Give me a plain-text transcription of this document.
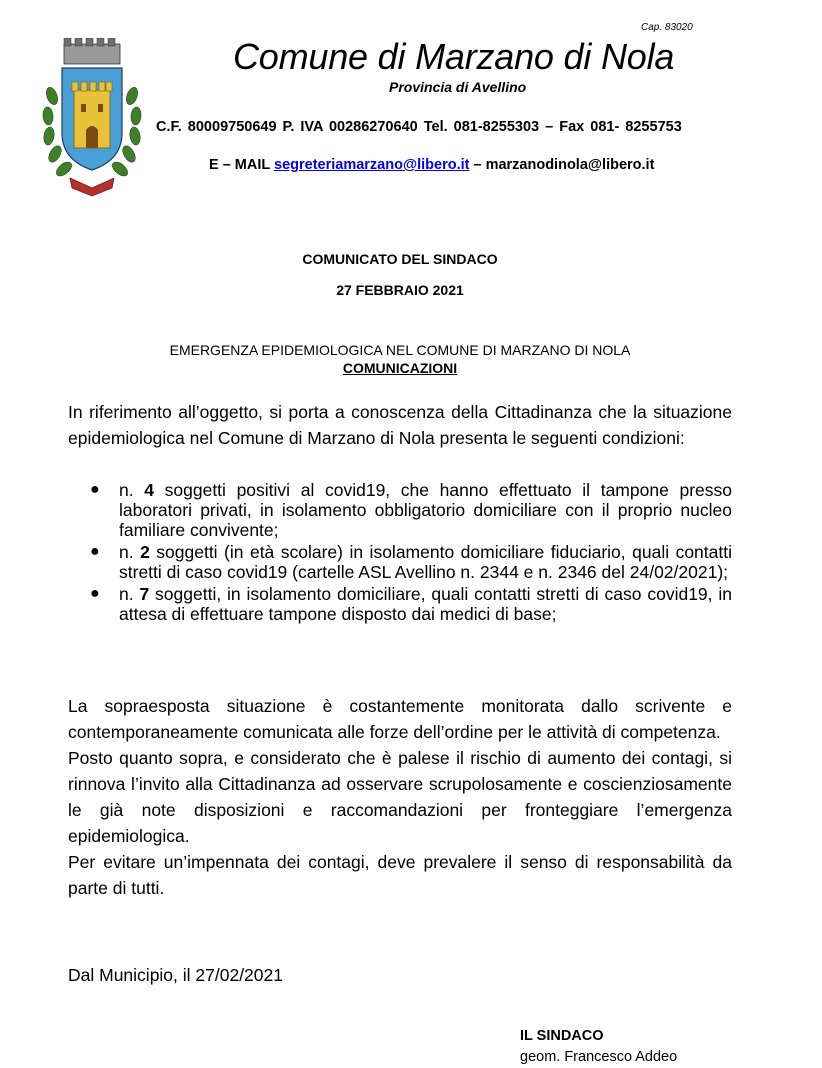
Cap. 83020
Comune di Marzano di Nola
Provincia di Avellino
C.F. 80009750649 P. IVA 00286270640 Tel. 081-8255303 – Fax 081- 8255753
E – MAIL segreteriamarzano@libero.it – marzanodinola@libero.it
COMUNICATO DEL SINDACO
27 FEBBRAIO 2021
EMERGENZA EPIDEMIOLOGICA NEL COMUNE DI MARZANO DI NOLA
COMUNICAZIONI
In riferimento all’oggetto, si porta a conoscenza della Cittadinanza che la situazione epidemiologica nel Comune di Marzano di Nola presenta le seguenti condizioni:
● n. 4 soggetti positivi al covid19, che hanno effettuato il tampone presso laboratori privati, in isolamento obbligatorio domiciliare con il proprio nucleo familiare convivente;
● n. 2 soggetti (in età scolare) in isolamento domiciliare fiduciario, quali contatti stretti di caso covid19 (cartelle ASL Avellino n. 2344 e n. 2346 del 24/02/2021);
● n. 7 soggetti, in isolamento domiciliare, quali contatti stretti di caso covid19, in attesa di effettuare tampone disposto dai medici di base;

La sopraesposta situazione è costantemente monitorata dallo scrivente e contemporaneamente comunicata alle forze dell’ordine per le attività di competenza.

Posto quanto sopra, e considerato che è palese il rischio di aumento dei contagi, si rinnova l’invito alla Cittadinanza ad osservare scrupolosamente e coscienziosamente le già note disposizioni e raccomandazioni per fronteggiare l’emergenza epidemiologica.

Per evitare un’impennata dei contagi, deve prevalere il senso di responsabilità da parte di tutti.

Dal Municipio, il 27/02/2021
IL SINDACO
geom. Francesco Addeo
